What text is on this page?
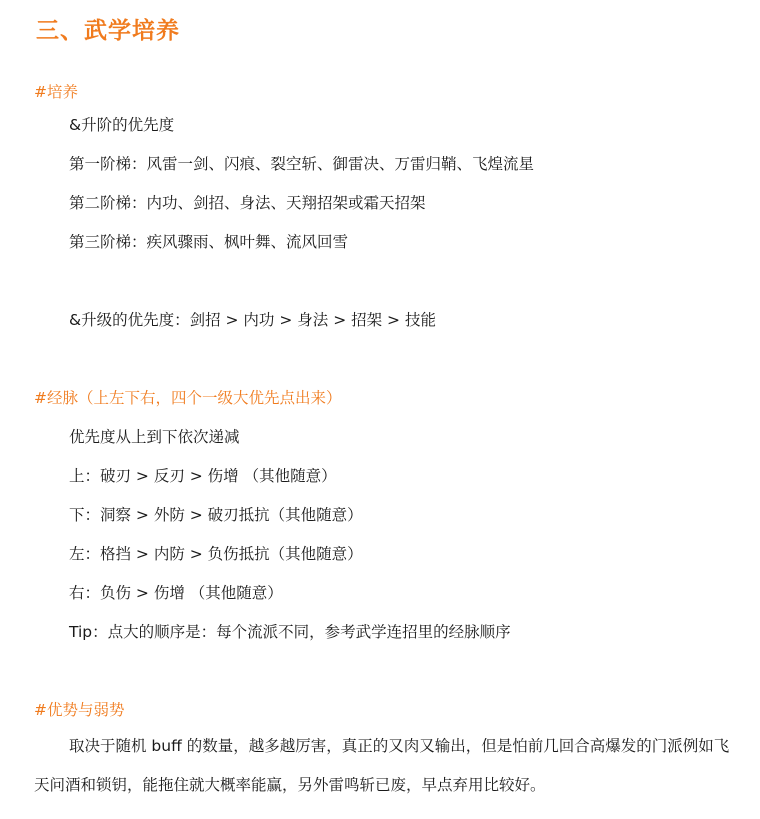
三、武学培养
#培养
&升阶的优先度
第一阶梯：风雷一剑、闪痕、裂空斩、御雷决、万雷归鞘、飞煌流星
第二阶梯：内功、剑招、身法、天翔招架或霜天招架
第三阶梯：疾风骤雨、枫叶舞、流风回雪
&升级的优先度：剑招 > 内功 > 身法 > 招架 > 技能
#经脉（上左下右，四个一级大优先点出来）
优先度从上到下依次递减
上：破刃 > 反刃 > 伤增 （其他随意）
下：洞察 > 外防 > 破刃抵抗（其他随意）
左：格挡 > 内防 > 负伤抵抗（其他随意）
右：负伤 > 伤增 （其他随意）
Tip：点大的顺序是：每个流派不同，参考武学连招里的经脉顺序
#优势与弱势
取决于随机 buff 的数量，越多越厉害，真正的又肉又输出，但是怕前几回合高爆发的门派例如飞天问酒和锁钥，能拖住就大概率能赢，另外雷鸣斩已废，早点弃用比较好。
